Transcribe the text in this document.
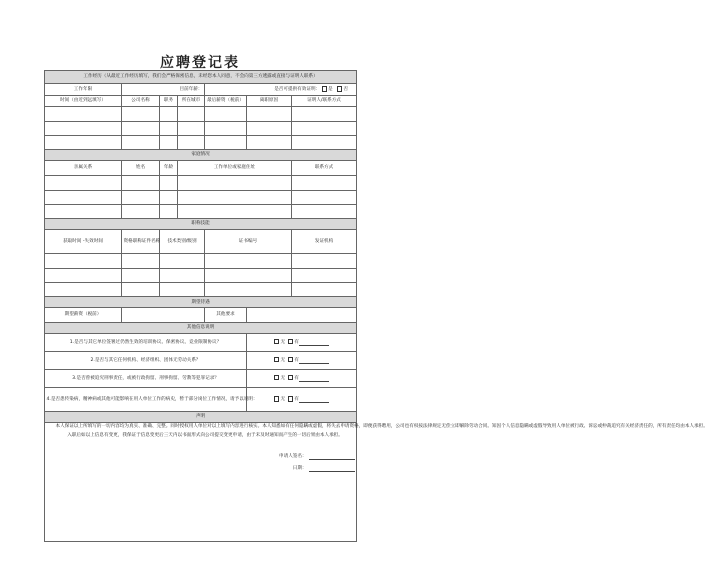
应聘登记表
工作经历（从最近工作经历填写，我们会严格保密信息，未经您本人同意，不会向第三方透露或直接与证明人联系）						
工作年限	目前年薪：			是否可提供有效证明： 是 否		
时间（由近到远填写）	公司名称	职务	所在城市	最后薪资（税前）	离职原因	证明人/联系方式

家庭情况						
亲属关系	姓名	年龄	工作单位或家庭住址			联系方式

职称技能						
获取时间 -失效时间	资格职称证件名称	技术类别/级别		证书编号		发证机构

期望待遇						
期望薪资（税前）				其他要求		
其他信息说明						
1.是否与其它单位签署过仍然生效的培训协议、保密协议、竞业限制协议？					无 有	
2.是否与其它任何机构、经济组织、团体无劳动关系？					无 有	
3.是否曾被追究刑事责任，或被行政拘留、刑事拘留、劳教等犯罪记录？					无 有	
4.是否患传染病，精神病或其他可能影响在用人单位工作的病史，暂于部分岗位工作情况，请予以说明：					无 有	
声明						

本人保证以上所填写的一切内容均为真实、准确、完整。同时授权用人单位对以上填写内容进行核实。本人知悉如有任何隐瞒或虚假，将失去申请资格，即便获得聘用，公司也有权按法律规定无偿立即解除劳动合同。知因个人信息隐瞒或虚假导致用人单位被行政、诉讼或仲裁追究有关经济责任的，所有责任均由本人承担。

入职后如以上信息有变更，我保证于信息变更后三天内以书面形式向公司提交变更申请，由于未及时通知而产生的一切后果由本人承担。

申请人签名：
日期：						
